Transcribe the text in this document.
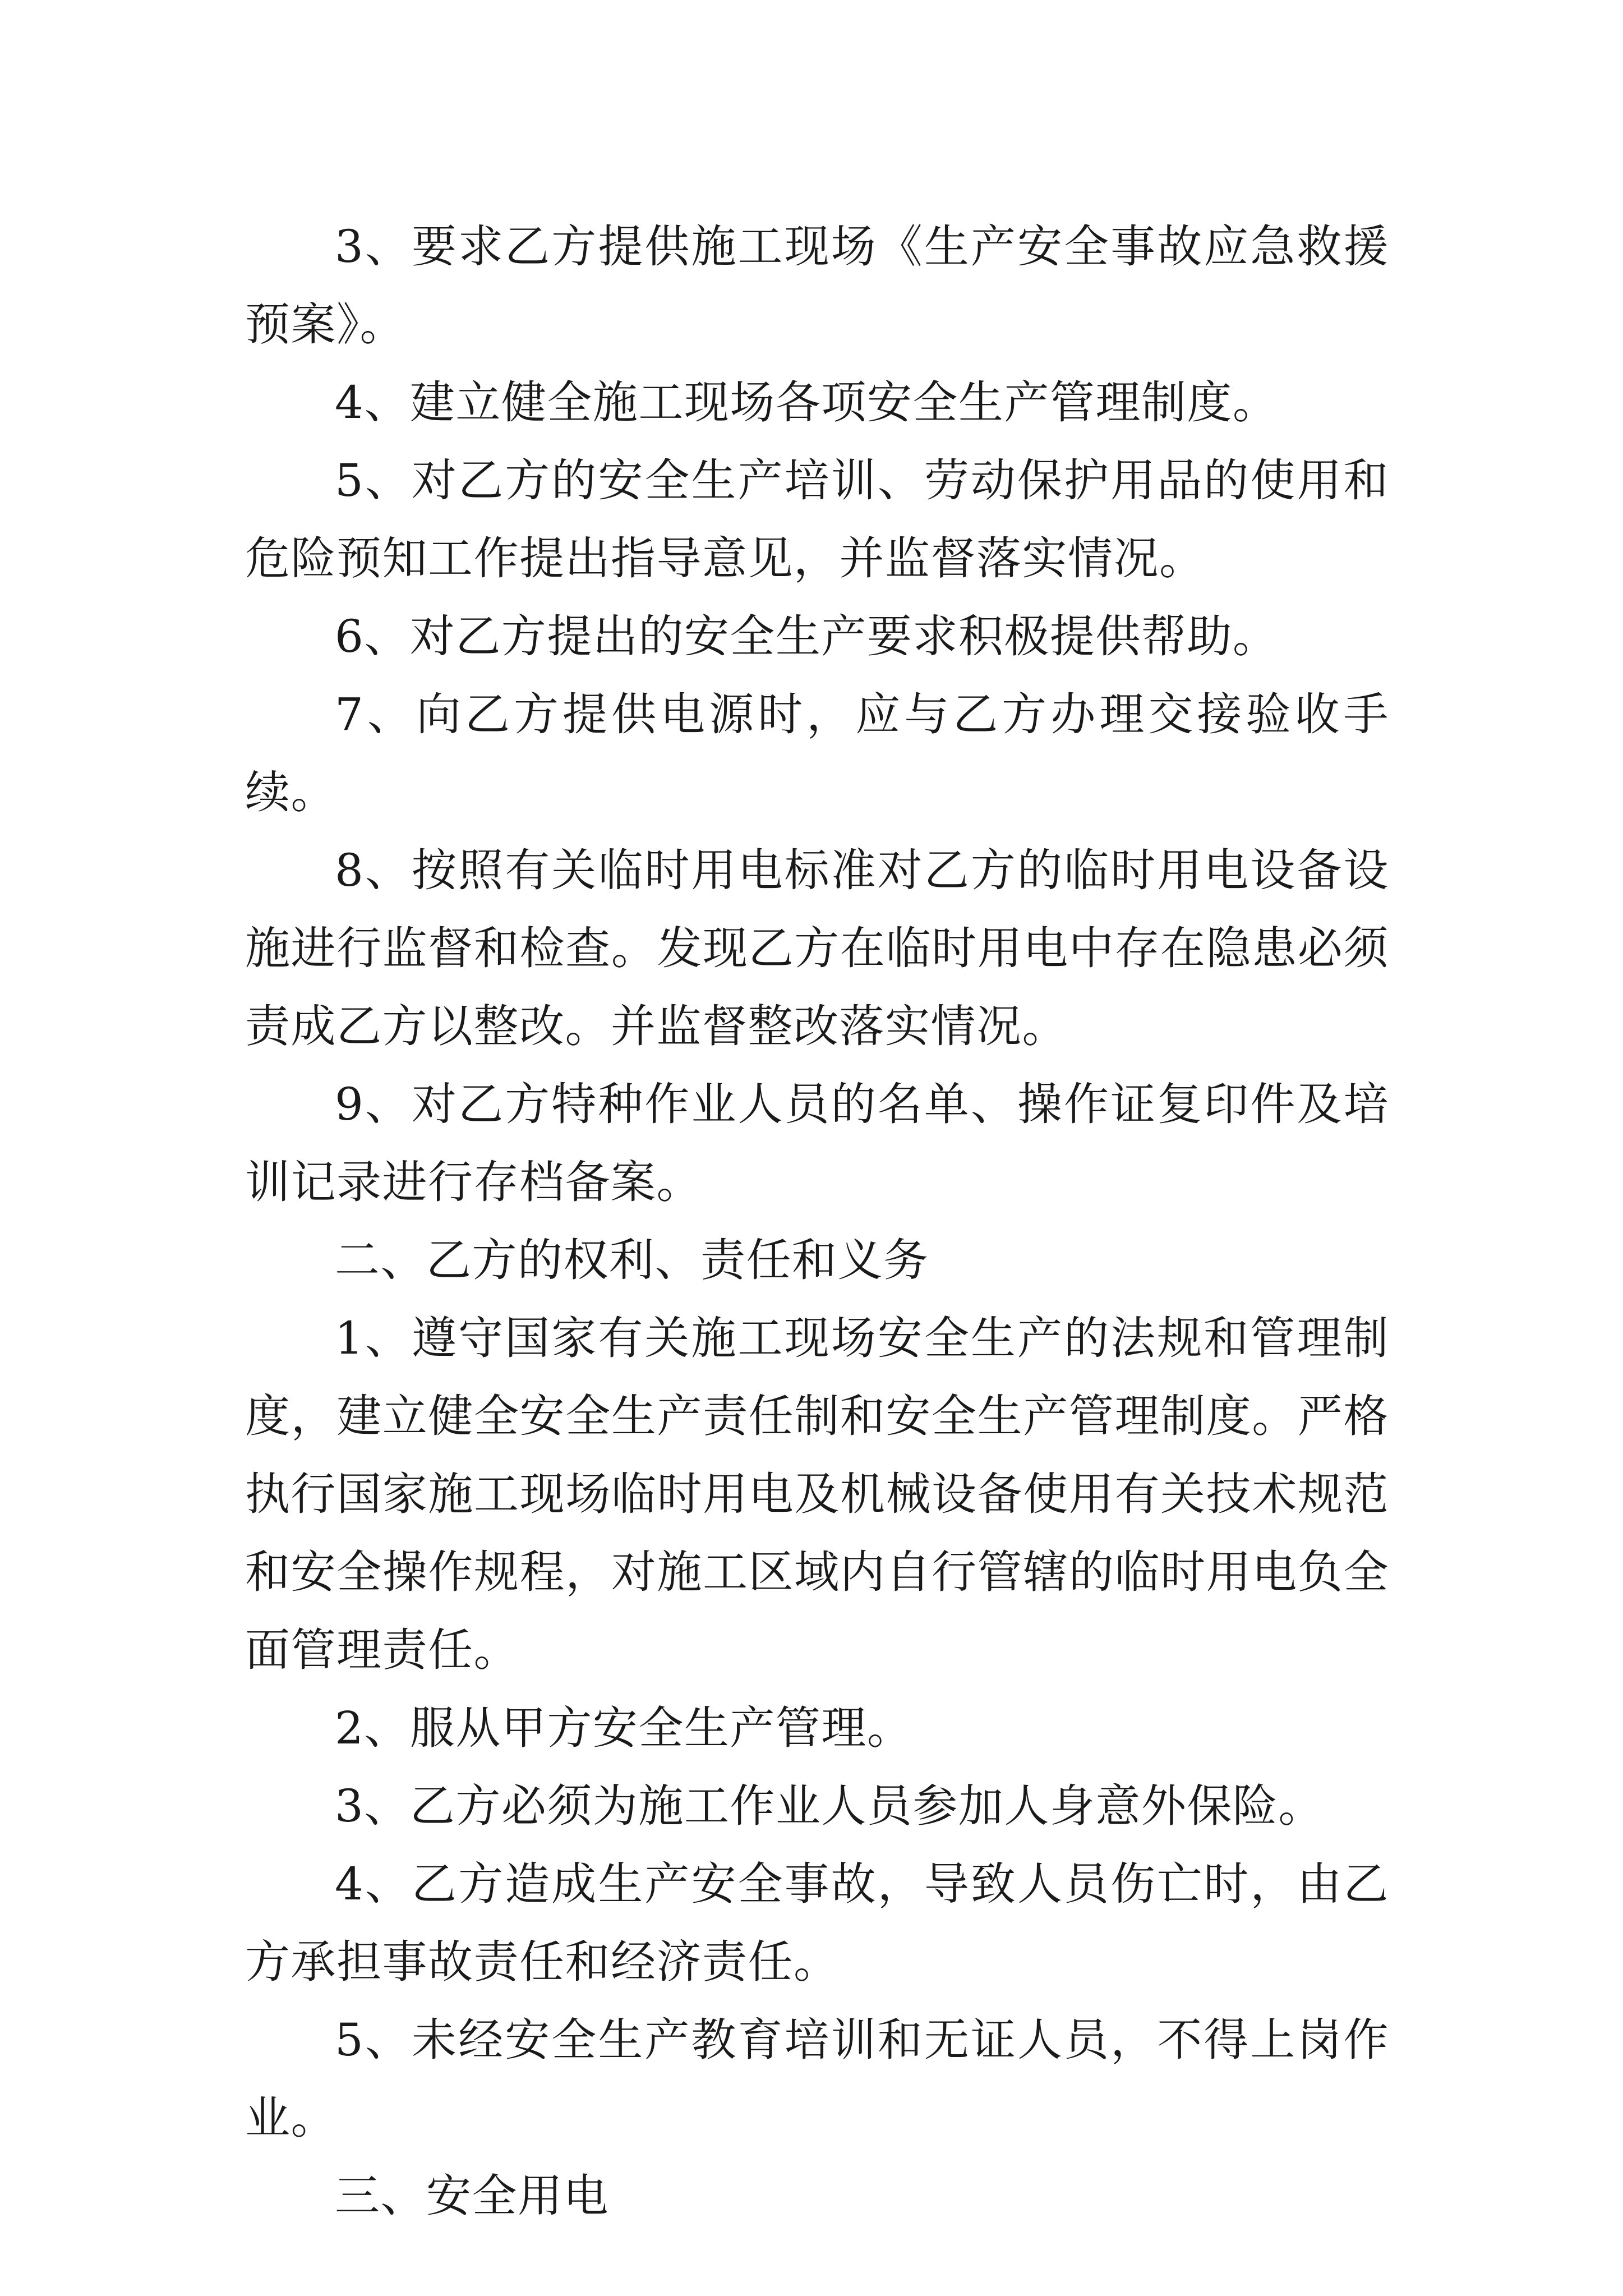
3、要求乙方提供施工现场《生产安全事故应急救援预案》。

4、建立健全施工现场各项安全生产管理制度。

5、对乙方的安全生产培训、劳动保护用品的使用和危险预知工作提出指导意见，并监督落实情况。

6、对乙方提出的安全生产要求积极提供帮助。

7、向乙方提供电源时，应与乙方办理交接验收手续。

8、按照有关临时用电标准对乙方的临时用电设备设施进行监督和检查。发现乙方在临时用电中存在隐患必须责成乙方以整改。并监督整改落实情况。

9、对乙方特种作业人员的名单、操作证复印件及培训记录进行存档备案。

二、乙方的权利、责任和义务

1、遵守国家有关施工现场安全生产的法规和管理制度，建立健全安全生产责任制和安全生产管理制度。严格执行国家施工现场临时用电及机械设备使用有关技术规范和安全操作规程，对施工区域内自行管辖的临时用电负全面管理责任。

2、服从甲方安全生产管理。

3、乙方必须为施工作业人员参加人身意外保险。

4、乙方造成生产安全事故，导致人员伤亡时，由乙方承担事故责任和经济责任。

5、未经安全生产教育培训和无证人员，不得上岗作业。

三、安全用电
